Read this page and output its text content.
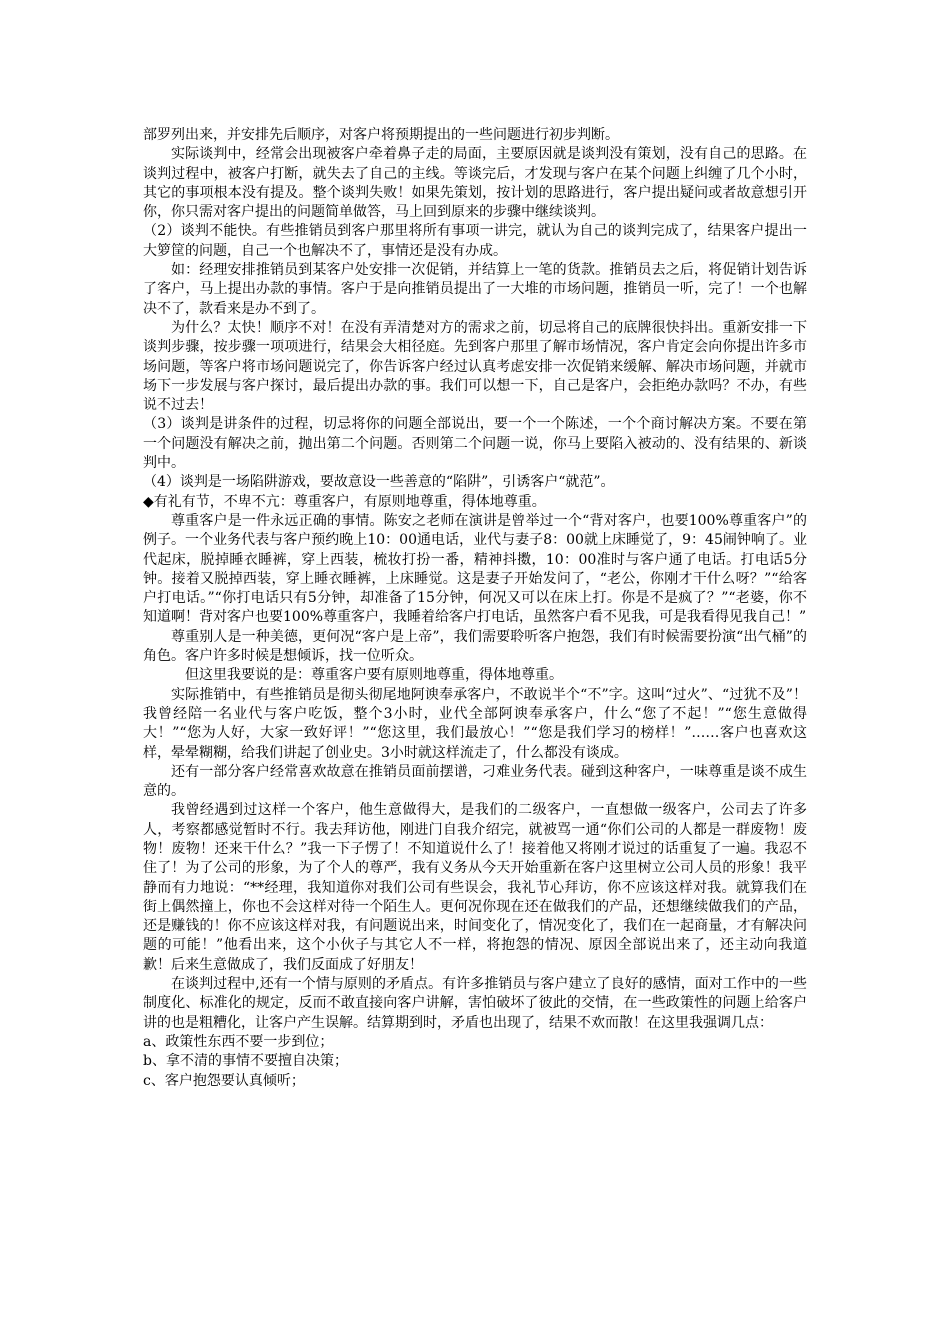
部罗列出来，并安排先后顺序，对客户将预期提出的一些问题进行初步判断。

实际谈判中，经常会出现被客户牵着鼻子走的局面，主要原因就是谈判没有策划，没有自己的思路。在谈判过程中，被客户打断，就失去了自己的主线。等谈完后，才发现与客户在某个问题上纠缠了几个小时，其它的事项根本没有提及。整个谈判失败！如果先策划，按计划的思路进行，客户提出疑问或者故意想引开你，你只需对客户提出的问题简单做答，马上回到原来的步骤中继续谈判。

（2）谈判不能快。有些推销员到客户那里将所有事项一讲完，就认为自己的谈判完成了，结果客户提出一大箩筐的问题，自己一个也解决不了，事情还是没有办成。

如：经理安排推销员到某客户处安排一次促销，并结算上一笔的货款。推销员去之后，将促销计划告诉了客户，马上提出办款的事情。客户于是向推销员提出了一大堆的市场问题，推销员一听，完了！一个也解决不了，款看来是办不到了。

为什么？太快！顺序不对！在没有弄清楚对方的需求之前，切忌将自己的底牌很快抖出。重新安排一下谈判步骤，按步骤一项项进行，结果会大相径庭。先到客户那里了解市场情况，客户肯定会向你提出许多市场问题，等客户将市场问题说完了，你告诉客户经过认真考虑安排一次促销来缓解、解决市场问题，并就市场下一步发展与客户探讨，最后提出办款的事。我们可以想一下，自己是客户，会拒绝办款吗？不办，有些说不过去！

（3）谈判是讲条件的过程，切忌将你的问题全部说出，要一个一个陈述，一个个商讨解决方案。不要在第一个问题没有解决之前，抛出第二个问题。否则第二个问题一说，你马上要陷入被动的、没有结果的、新谈判中。

（4）谈判是一场陷阱游戏，要故意设一些善意的“陷阱”，引诱客户“就范”。

◆有礼有节，不卑不亢：尊重客户，有原则地尊重，得体地尊重。

尊重客户是一件永远正确的事情。陈安之老师在演讲是曾举过一个“背对客户，也要100%尊重客户”的例子。一个业务代表与客户预约晚上10：00通电话，业代与妻子8：00就上床睡觉了，9：45闹钟响了。业代起床，脱掉睡衣睡裤，穿上西装，梳妆打扮一番，精神抖擞，10：00准时与客户通了电话。打电话5分钟。接着又脱掉西装，穿上睡衣睡裤，上床睡觉。这是妻子开始发问了，“老公，你刚才干什么呀？”“给客户打电话。”“你打电话只有5分钟，却准备了15分钟，何况又可以在床上打。你是不是疯了？”“老婆，你不知道啊！背对客户也要100%尊重客户，我睡着给客户打电话，虽然客户看不见我，可是我看得见我自己！”

尊重别人是一种美德，更何况“客户是上帝”，我们需要聆听客户抱怨，我们有时候需要扮演“出气桶”的角色。客户许多时候是想倾诉，找一位听众。

但这里我要说的是：尊重客户要有原则地尊重，得体地尊重。

实际推销中，有些推销员是彻头彻尾地阿谀奉承客户，不敢说半个“不”字。这叫“过火”、“过犹不及”！我曾经陪一名业代与客户吃饭，整个3小时，业代全部阿谀奉承客户，什么“您了不起！”“您生意做得大！”“您为人好，大家一致好评！”“您这里，我们最放心！”“您是我们学习的榜样！”……客户也喜欢这样，晕晕糊糊，给我们讲起了创业史。3小时就这样流走了，什么都没有谈成。

还有一部分客户经常喜欢故意在推销员面前摆谱，刁难业务代表。碰到这种客户，一味尊重是谈不成生意的。

我曾经遇到过这样一个客户，他生意做得大，是我们的二级客户，一直想做一级客户，公司去了许多人，考察都感觉暂时不行。我去拜访他，刚进门自我介绍完，就被骂一通“你们公司的人都是一群废物！废物！废物！还来干什么？”我一下子愣了！不知道说什么了！接着他又将刚才说过的话重复了一遍。我忍不住了！为了公司的形象，为了个人的尊严，我有义务从今天开始重新在客户这里树立公司人员的形象！我平静而有力地说：“**经理，我知道你对我们公司有些误会，我礼节心拜访，你不应该这样对我。就算我们在街上偶然撞上，你也不会这样对待一个陌生人。更何况你现在还在做我们的产品，还想继续做我们的产品，还是赚钱的！你不应该这样对我，有问题说出来，时间变化了，情况变化了，我们在一起商量，才有解决问题的可能！”他看出来，这个小伙子与其它人不一样，将抱怨的情况、原因全部说出来了，还主动向我道歉！后来生意做成了，我们反面成了好朋友！

在谈判过程中,还有一个情与原则的矛盾点。有许多推销员与客户建立了良好的感情，面对工作中的一些制度化、标准化的规定，反而不敢直接向客户讲解，害怕破坏了彼此的交情，在一些政策性的问题上给客户讲的也是粗糟化，让客户产生误解。结算期到时，矛盾也出现了，结果不欢而散！在这里我强调几点：

a、政策性东西不要一步到位；

b、拿不清的事情不要擅自决策；

c、客户抱怨要认真倾听；
